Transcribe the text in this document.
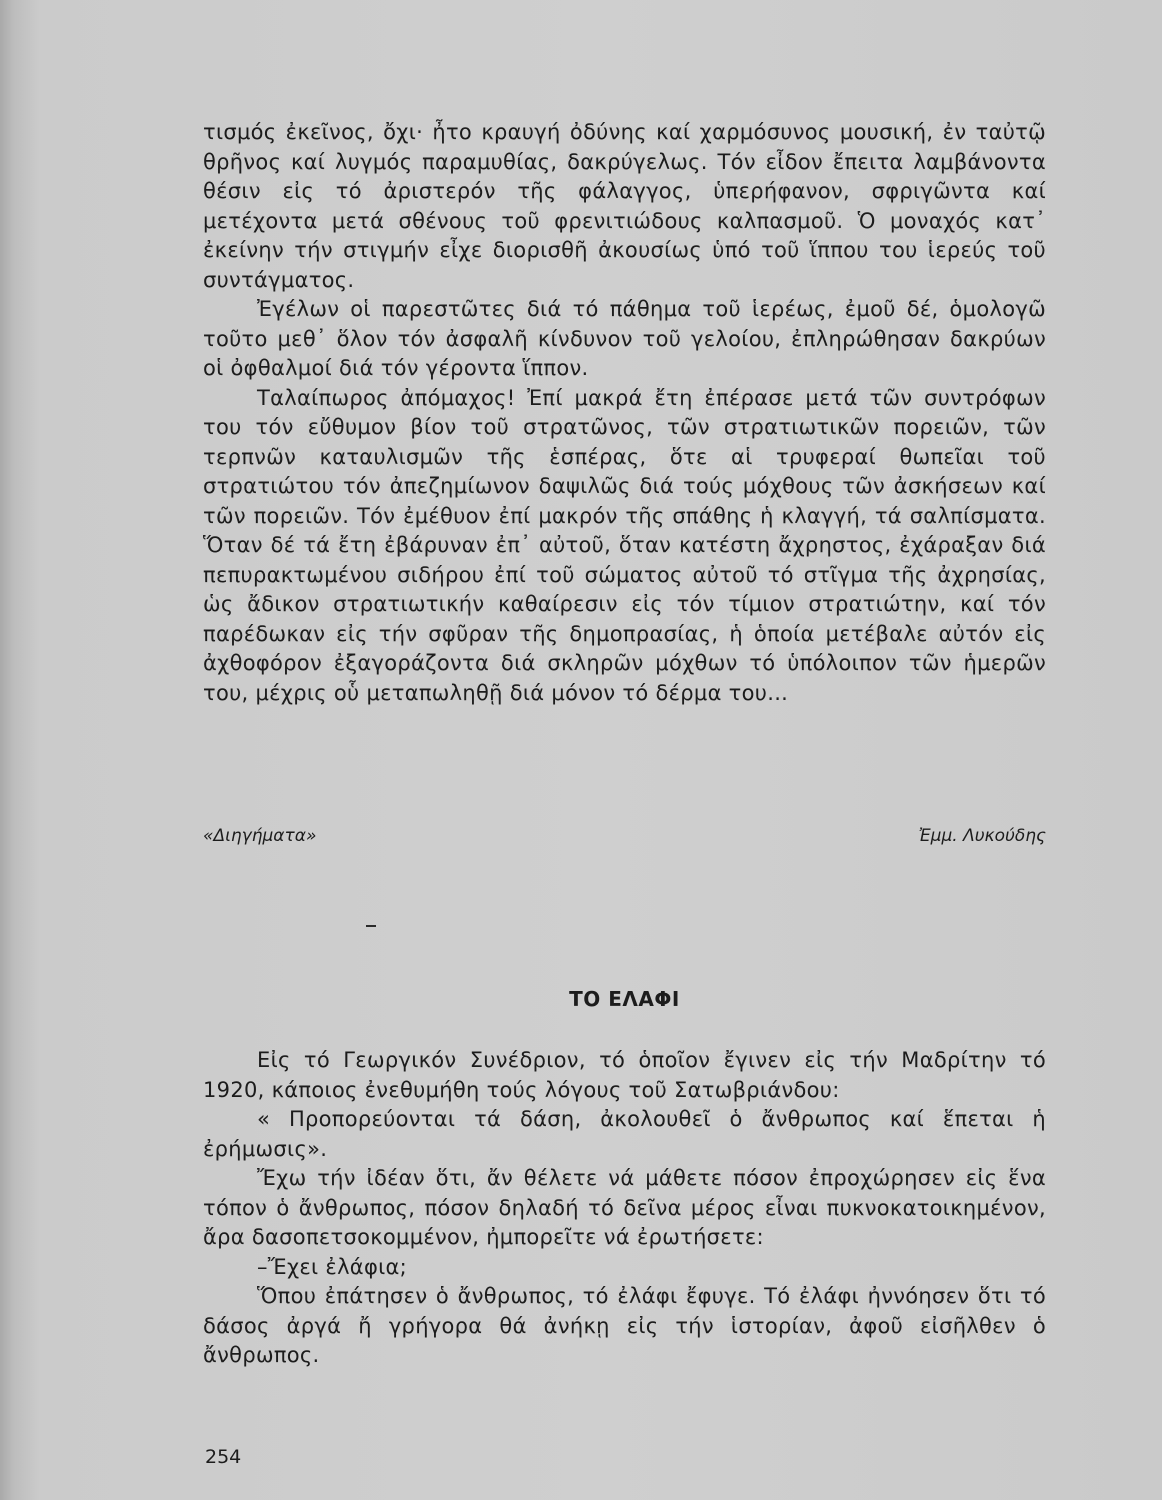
τισμός ἐκεῖνος, ὄχι· ἦτο κραυγή ὀδύνης καί χαρμόσυνος μουσική, ἐν ταὐτῷ θρῆνος καί λυγμός παραμυθίας, δακρύγελως. Τόν εἶδον ἔπειτα λαμβάνοντα θέσιν εἰς τό ἀριστερόν τῆς φάλαγγος, ὑπερήφανον, σφριγῶντα καί μετέχοντα μετά σθένους τοῦ φρενιτιώδους καλπασμοῦ. Ὁ μοναχός κατ᾽ ἐκείνην τήν στιγμήν εἶχε διορισθῆ ἀκουσίως ὑπό τοῦ ἵππου του ἱερεύς τοῦ συντάγματος.

Ἐγέλων οἱ παρεστῶτες διά τό πάθημα τοῦ ἱερέως, ἐμοῦ δέ, ὁμολογῶ τοῦτο μεθ᾽ ὅλον τόν ἀσφαλῆ κίνδυνον τοῦ γελοίου, ἐπληρώθησαν δακρύων οἱ ὀφθαλμοί διά τόν γέροντα ἵππον.

Ταλαίπωρος ἀπόμαχος! Ἐπί μακρά ἔτη ἐπέρασε μετά τῶν συντρόφων του τόν εὔθυμον βίον τοῦ στρατῶνος, τῶν στρατιωτικῶν πορειῶν, τῶν τερπνῶν καταυλισμῶν τῆς ἑσπέρας, ὅτε αἱ τρυφεραί θωπεῖαι τοῦ στρατιώτου τόν ἀπεζημίωνον δαψιλῶς διά τούς μόχθους τῶν ἀσκήσεων καί τῶν πορειῶν. Τόν ἐμέθυον ἐπί μακρόν τῆς σπάθης ἡ κλαγγή, τά σαλπίσματα. Ὅταν δέ τά ἔτη ἐβάρυναν ἐπ᾽ αὐτοῦ, ὅταν κατέστη ἄχρηστος, ἐχάραξαν διά πεπυρακτωμένου σιδήρου ἐπί τοῦ σώματος αὐτοῦ τό στῖγμα τῆς ἀχρησίας, ὡς ἄδικον στρατιωτικήν καθαίρεσιν εἰς τόν τίμιον στρατιώτην, καί τόν παρέδωκαν εἰς τήν σφῦραν τῆς δημοπρασίας, ἡ ὁποία μετέβαλε αὐτόν εἰς ἀχθοφόρον ἐξαγοράζοντα διά σκληρῶν μόχθων τό ὑπόλοιπον τῶν ἡμερῶν του, μέχρις οὗ μεταπωληθῇ διά μόνον τό δέρμα του...

«Διηγήματα»	Ἐμμ. Λυκούδης
ΤΟ ΕΛΑΦΙ

Εἰς τό Γεωργικόν Συνέδριον, τό ὁποῖον ἔγινεν εἰς τήν Μαδρίτην τό 1920, κάποιος ἐνεθυμήθη τούς λόγους τοῦ Σατωβριάνδου:

« Προπορεύονται τά δάση, ἀκολουθεῖ ὁ ἄνθρωπος καί ἕπεται ἡ ἐρήμωσις».

Ἔχω τήν ἰδέαν ὅτι, ἄν θέλετε νά μάθετε πόσον ἐπροχώρησεν εἰς ἕνα τόπον ὁ ἄνθρωπος, πόσον δηλαδή τό δεῖνα μέρος εἶναι πυκνοκατοικημένον, ἄρα δασοπετσοκομμένον, ἠμπορεῖτε νά ἐρωτήσετε:

–Ἔχει ἐλάφια;

Ὅπου ἐπάτησεν ὁ ἄνθρωπος, τό ἐλάφι ἔφυγε. Τό ἐλάφι ἠννόησεν ὅτι τό δάσος ἀργά ἤ γρήγορα θά ἀνήκῃ εἰς τήν ἱστορίαν, ἀφοῦ εἰσῆλθεν ὁ ἄνθρωπος.

254
